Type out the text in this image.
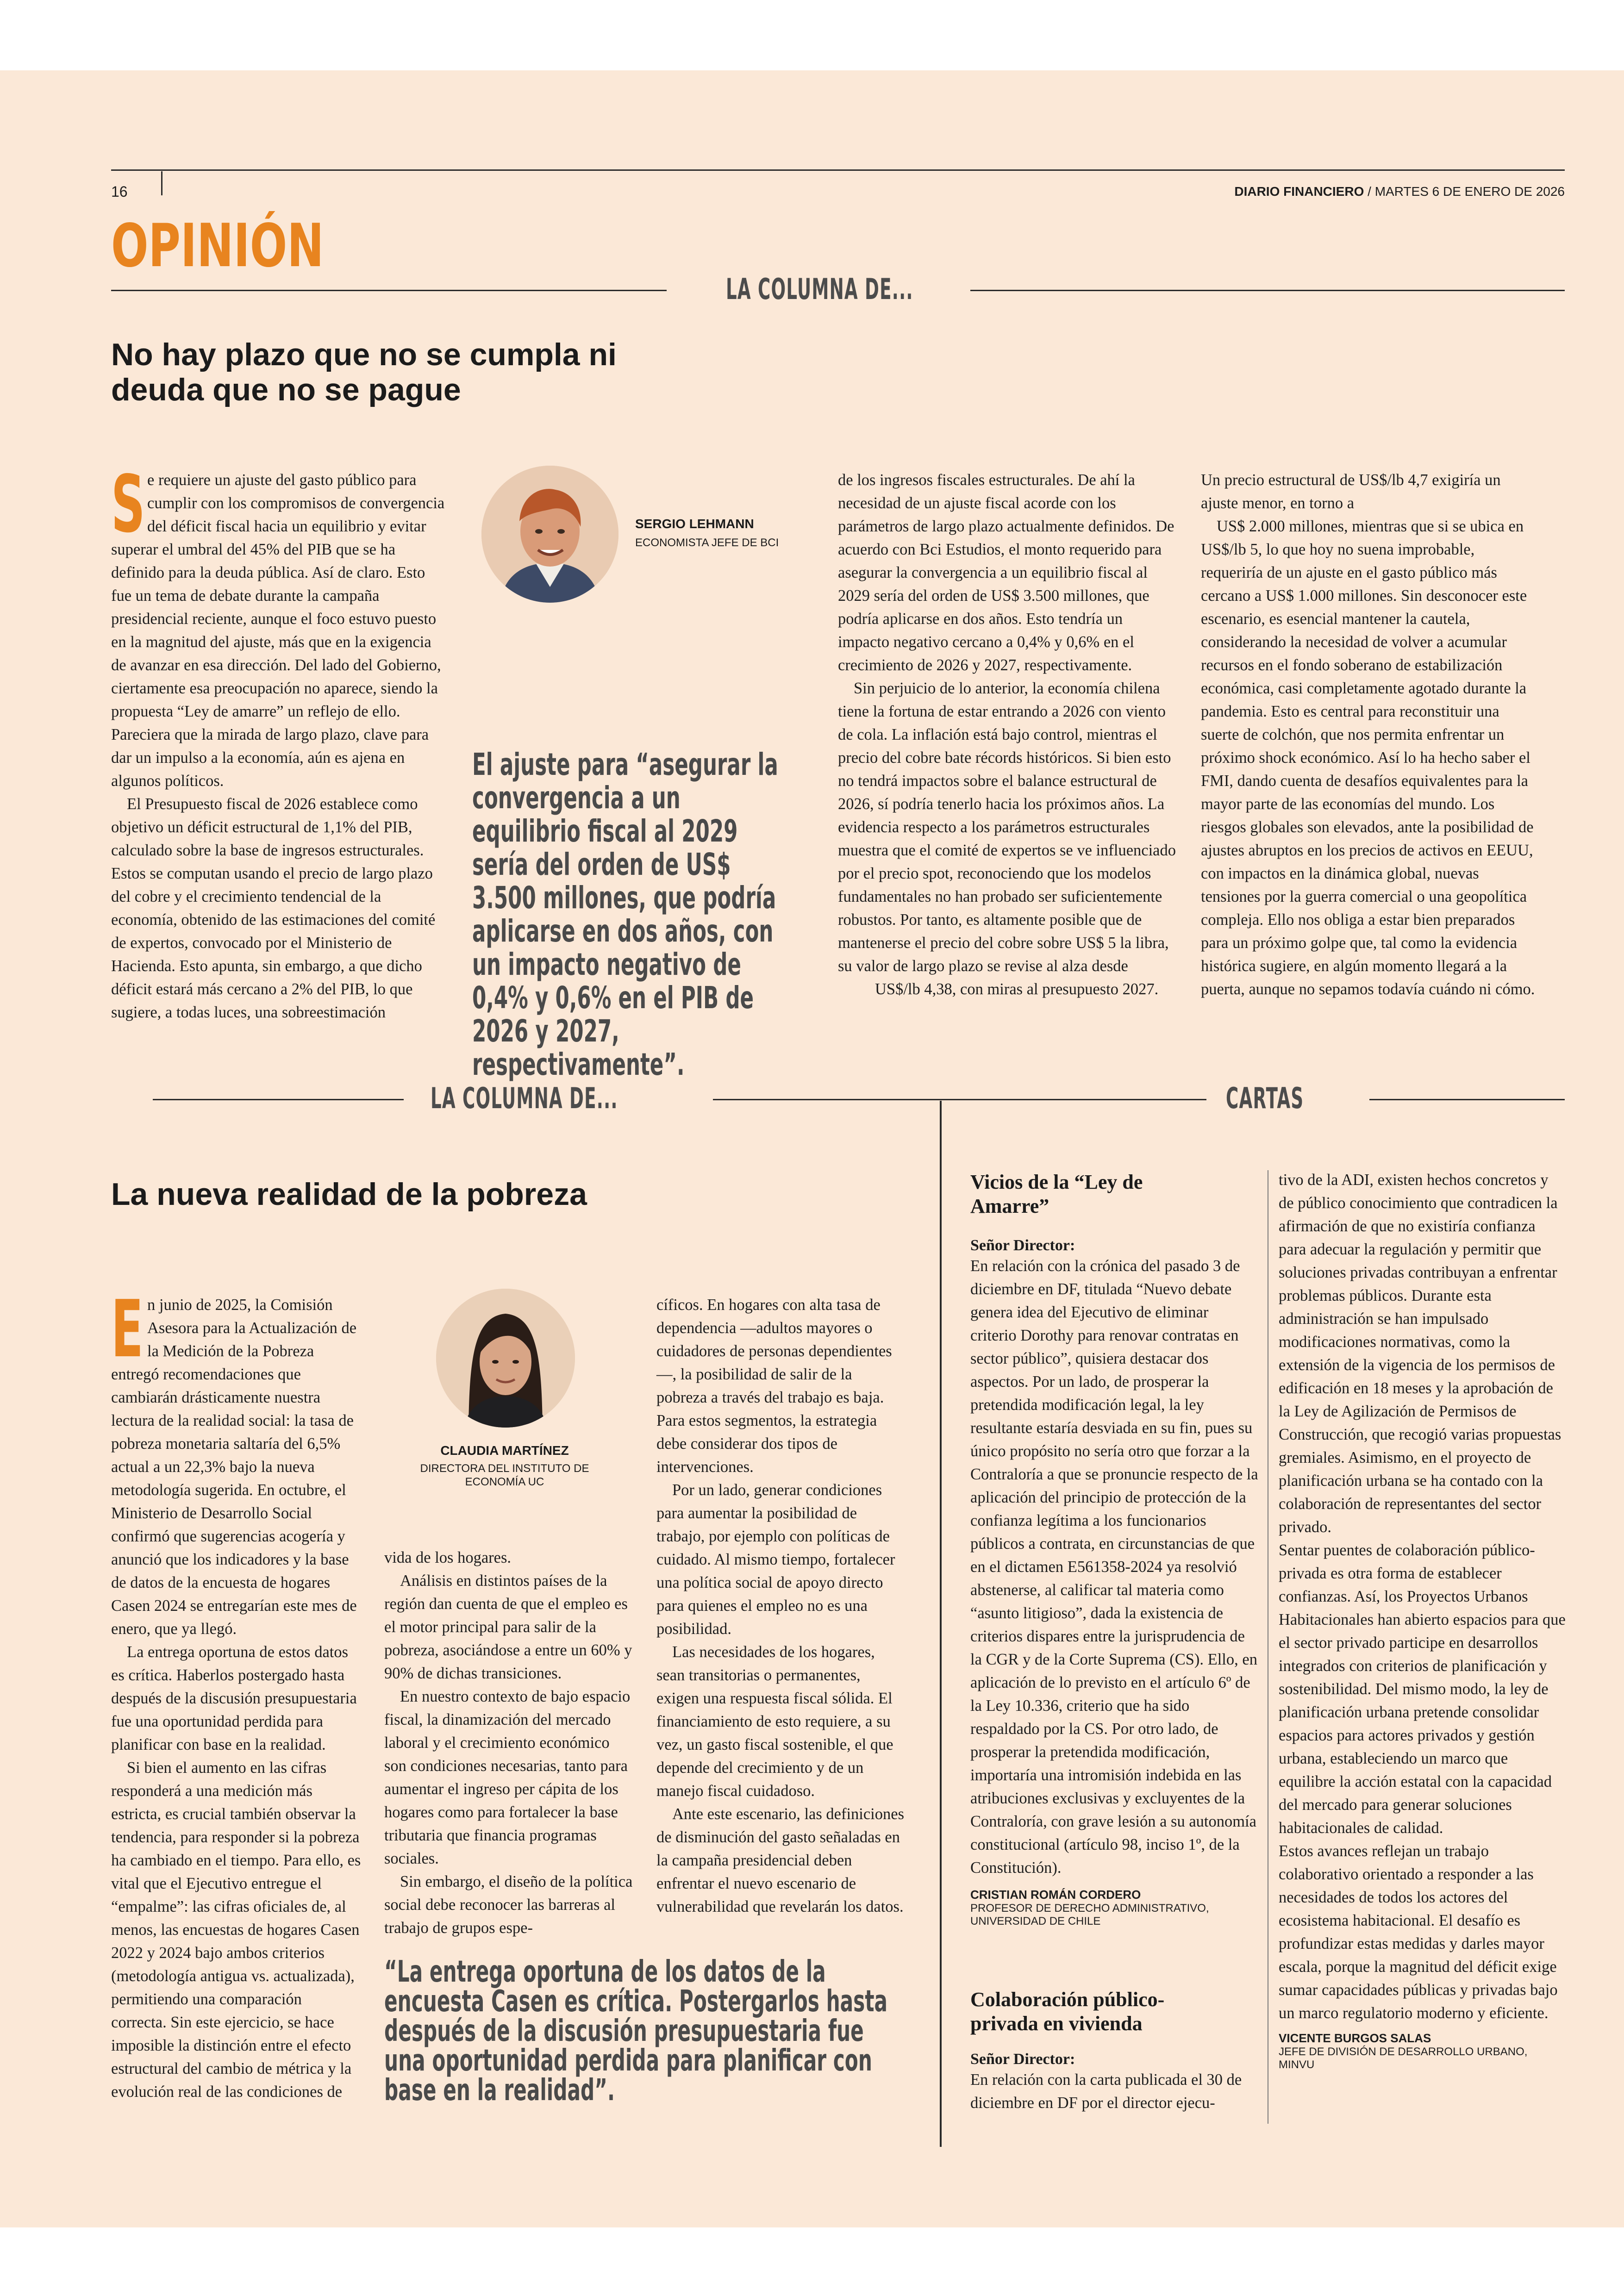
16	DIARIO FINANCIERO / MARTES 6 DE ENERO DE 2026
OPINIÓN
LA COLUMNA DE...
No hay plazo que no se cumpla ni deuda que no se pague
S e requiere un ajuste del gasto público para cumplir con los compromisos de convergencia del déficit fiscal hacia un equilibrio y evitar superar el umbral del 45% del PIB que se ha definido para la deuda pública. Así de claro. Esto fue un tema de debate durante la campaña presidencial reciente, aunque el foco estuvo puesto en la magnitud del ajuste, más que en la exigencia de avanzar en esa dirección. Del lado del Gobierno, ciertamente esa preocupación no aparece, siendo la propuesta “Ley de amarre” un reflejo de ello. Pareciera que la mirada de largo plazo, clave para dar un impulso a la economía, aún es ajena en algunos políticos.

El Presupuesto fiscal de 2026 establece como objetivo un déficit estructural de 1,1% del PIB, calculado sobre la base de ingresos estructurales. Estos se computan usando el precio de largo plazo del cobre y el crecimiento tendencial de la economía, obtenido de las estimaciones del comité de expertos, convocado por el Ministerio de Hacienda. Esto apunta, sin embargo, a que dicho déficit estará más cercano a 2% del PIB, lo que sugiere, a todas luces, una sobreestimación

SERGIO LEHMANN
ECONOMISTA JEFE DE BCI
El ajuste para “asegurar la convergencia a un equilibrio fiscal al 2029 sería del orden de US$ 3.500 millones, que podría aplicarse en dos años, con un impacto negativo de 0,4% y 0,6% en el PIB de 2026 y 2027, respectivamente”.

de los ingresos fiscales estructurales. De ahí la necesidad de un ajuste fiscal acorde con los parámetros de largo plazo actualmente definidos. De acuerdo con Bci Estudios, el monto requerido para asegurar la convergencia a un equilibrio fiscal al 2029 sería del orden de US$ 3.500 millones, que podría aplicarse en dos años. Esto tendría un impacto negativo cercano a 0,4% y 0,6% en el crecimiento de 2026 y 2027, respectivamente.

Sin perjuicio de lo anterior, la economía chilena tiene la fortuna de estar entrando a 2026 con viento de cola. La inflación está bajo control, mientras el precio del cobre bate récords históricos. Si bien esto no tendrá impactos sobre el balance estructural de 2026, sí podría tenerlo hacia los próximos años. La evidencia respecto a los parámetros estructurales muestra que el comité de expertos se ve influenciado por el precio spot, reconociendo que los modelos fundamentales no han probado ser suficientemente robustos. Por tanto, es altamente posible que de mantenerse el precio del cobre sobre US$ 5 la libra, su valor de largo plazo se revise al alza desde

US$/lb 4,38, con miras al presupuesto 2027.

Un precio estructural de US$/lb 4,7 exigiría un ajuste menor, en torno a

US$ 2.000 millones, mientras que si se ubica en US$/lb 5, lo que hoy no suena improbable, requeriría de un ajuste en el gasto público más cercano a US$ 1.000 millones. Sin desconocer este escenario, es esencial mantener la cautela, considerando la necesidad de volver a acumular recursos en el fondo soberano de estabilización económica, casi completamente agotado durante la pandemia. Esto es central para reconstituir una suerte de colchón, que nos permita enfrentar un próximo shock económico. Así lo ha hecho saber el FMI, dando cuenta de desafíos equivalentes para la mayor parte de las economías del mundo. Los riesgos globales son elevados, ante la posibilidad de ajustes abruptos en los precios de activos en EEUU, con impactos en la dinámica global, nuevas tensiones por la guerra comercial o una geopolítica compleja. Ello nos obliga a estar bien preparados para un próximo golpe que, tal como la evidencia histórica sugiere, en algún momento llegará a la puerta, aunque no sepamos todavía cuándo ni cómo.

LA COLUMNA DE...	CARTAS
La nueva realidad de la pobreza
E n junio de 2025, la Comisión Asesora para la Actualización de la Medición de la Pobreza entregó recomendaciones que cambiarán drásticamente nuestra lectura de la realidad social: la tasa de pobreza monetaria saltaría del 6,5% actual a un 22,3% bajo la nueva metodología sugerida. En octubre, el Ministerio de Desarrollo Social confirmó que sugerencias acogería y anunció que los indicadores y la base de datos de la encuesta de hogares Casen 2024 se entregarían este mes de enero, que ya llegó.

La entrega oportuna de estos datos es crítica. Haberlos postergado hasta después de la discusión presupuestaria fue una oportunidad perdida para planificar con base en la realidad.

Si bien el aumento en las cifras responderá a una medición más estricta, es crucial también observar la tendencia, para responder si la pobreza ha cambiado en el tiempo. Para ello, es vital que el Ejecutivo entregue el “empalme”: las cifras oficiales de, al menos, las encuestas de hogares Casen 2022 y 2024 bajo ambos criterios (metodología antigua vs. actualizada), permitiendo una comparación correcta. Sin este ejercicio, se hace imposible la distinción entre el efecto estructural del cambio de métrica y la evolución real de las condiciones de

CLAUDIA MARTÍNEZ
DIRECTORA DEL INSTITUTO DE ECONOMÍA UC

vida de los hogares.

Análisis en distintos países de la región dan cuenta de que el empleo es el motor principal para salir de la pobreza, asociándose a entre un 60% y 90% de dichas transiciones.

En nuestro contexto de bajo espacio fiscal, la dinamización del mercado laboral y el crecimiento económico son condiciones necesarias, tanto para aumentar el ingreso per cápita de los hogares como para fortalecer la base tributaria que financia programas sociales.

Sin embargo, el diseño de la política social debe reconocer las barreras al trabajo de grupos espe-

cíficos. En hogares con alta tasa de dependencia —adultos mayores o cuidadores de personas dependientes—, la posibilidad de salir de la pobreza a través del trabajo es baja. Para estos segmentos, la estrategia debe considerar dos tipos de intervenciones.

Por un lado, generar condiciones para aumentar la posibilidad de trabajo, por ejemplo con políticas de cuidado. Al mismo tiempo, fortalecer una política social de apoyo directo para quienes el empleo no es una posibilidad.

Las necesidades de los hogares, sean transitorias o permanentes, exigen una respuesta fiscal sólida. El financiamiento de esto requiere, a su vez, un gasto fiscal sostenible, el que depende del crecimiento y de un manejo fiscal cuidadoso.

Ante este escenario, las definiciones de disminución del gasto señaladas en la campaña presidencial deben enfrentar el nuevo escenario de vulnerabilidad que revelarán los datos.

“La entrega oportuna de los datos de la encuesta Casen es crítica. Postergarlos hasta después de la discusión presupuestaria fue una oportunidad perdida para planificar con base en la realidad”.
Vicios de la “Ley de Amarre”
Señor Director:

En relación con la crónica del pasado 3 de diciembre en DF, titulada “Nuevo debate genera idea del Ejecutivo de eliminar criterio Dorothy para renovar contratas en sector público”, quisiera destacar dos aspectos. Por un lado, de prosperar la pretendida modificación legal, la ley resultante estaría desviada en su fin, pues su único propósito no sería otro que forzar a la Contraloría a que se pronuncie respecto de la aplicación del principio de protección de la confianza legítima a los funcionarios públicos a contrata, en circunstancias de que en el dictamen E561358-2024 ya resolvió abstenerse, al calificar tal materia como “asunto litigioso”, dada la existencia de criterios dispares entre la jurisprudencia de la CGR y de la Corte Suprema (CS). Ello, en aplicación de lo previsto en el artículo 6º de la Ley 10.336, criterio que ha sido respaldado por la CS. Por otro lado, de prosperar la pretendida modificación, importaría una intromisión indebida en las atribuciones exclusivas y excluyentes de la Contraloría, con grave lesión a su autonomía constitucional (artículo 98, inciso 1º, de la Constitución).

CRISTIAN ROMÁN CORDERO
PROFESOR DE DERECHO ADMINISTRATIVO, UNIVERSIDAD DE CHILE
Colaboración público-privada en vivienda
Señor Director:

En relación con la carta publicada el 30 de diciembre en DF por el director ejecu-

tivo de la ADI, existen hechos concretos y de público conocimiento que contradicen la afirmación de que no existiría confianza para adecuar la regulación y permitir que soluciones privadas contribuyan a enfrentar problemas públicos. Durante esta administración se han impulsado modificaciones normativas, como la extensión de la vigencia de los permisos de edificación en 18 meses y la aprobación de la Ley de Agilización de Permisos de Construcción, que recogió varias propuestas gremiales. Asimismo, en el proyecto de planificación urbana se ha contado con la colaboración de representantes del sector privado.

Sentar puentes de colaboración público-privada es otra forma de establecer confianzas. Así, los Proyectos Urbanos Habitacionales han abierto espacios para que el sector privado participe en desarrollos integrados con criterios de planificación y sostenibilidad. Del mismo modo, la ley de planificación urbana pretende consolidar espacios para actores privados y gestión urbana, estableciendo un marco que equilibre la acción estatal con la capacidad del mercado para generar soluciones habitacionales de calidad.

Estos avances reflejan un trabajo colaborativo orientado a responder a las necesidades de todos los actores del ecosistema habitacional. El desafío es profundizar estas medidas y darles mayor escala, porque la magnitud del déficit exige sumar capacidades públicas y privadas bajo un marco regulatorio moderno y eficiente.

VICENTE BURGOS SALAS
JEFE DE DIVISIÓN DE DESARROLLO URBANO, MINVU
